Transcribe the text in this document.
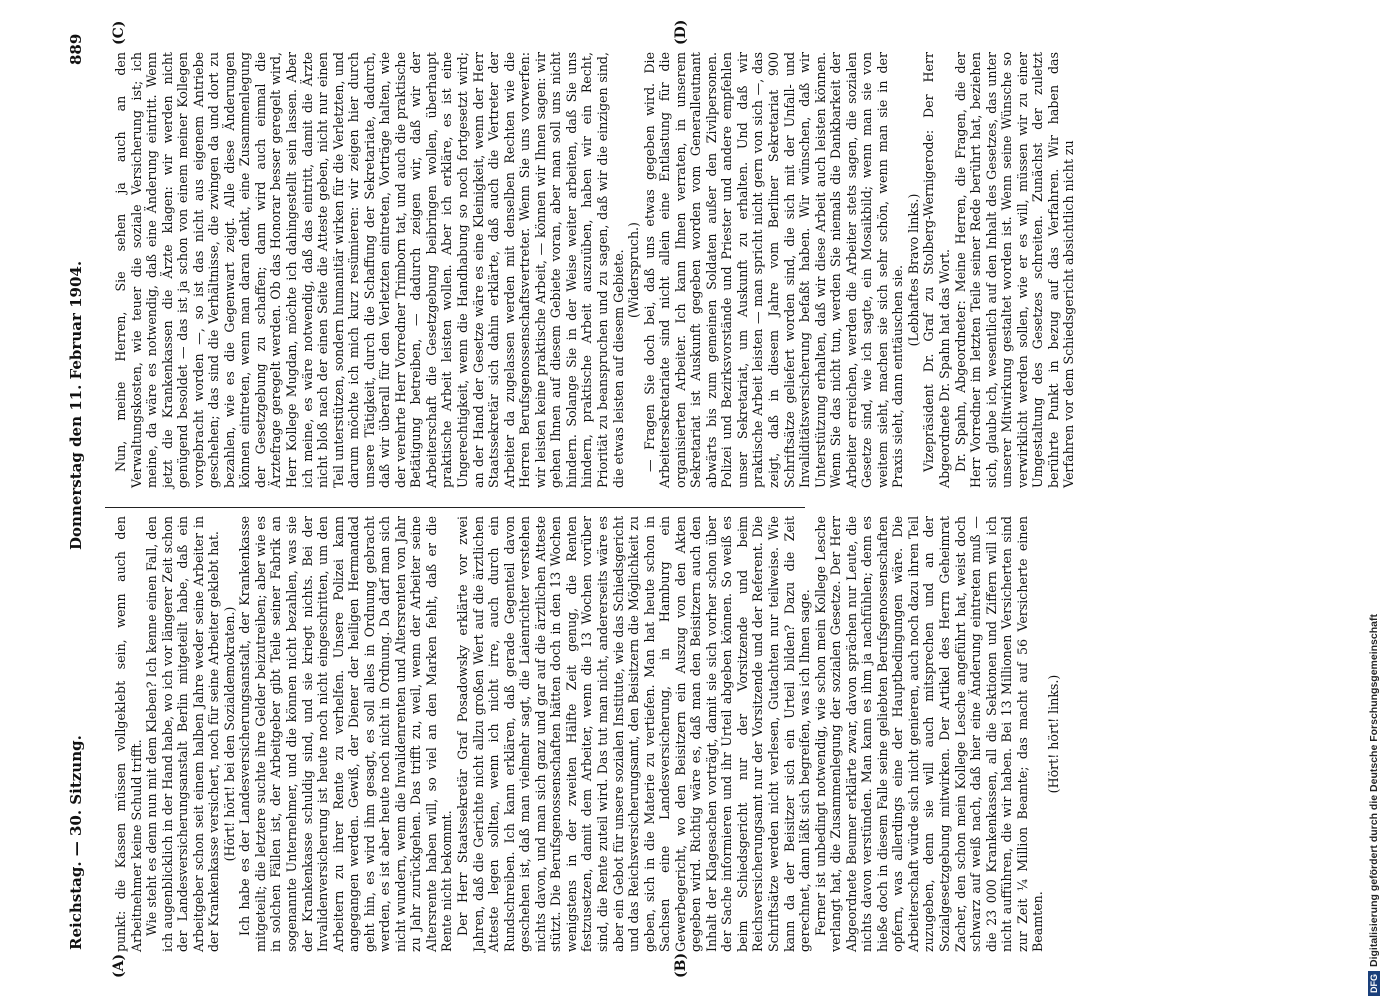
Reichstag. — 30. Sitzung.
Donnerstag den 11. Februar 1904.
889
(A)	(B)
(C)	(D)

punkt: die Kassen müssen vollgeklebt sein, wenn auch den Arbeitnehmer keine Schuld trifft. Wie steht es denn nun mit dem Kleben? Ich kenne einen Fall, den ich augenblicklich in der Hand habe, wo ich vor längerer Zeit schon der Landesversicherungsanstalt Berlin mitgeteilt habe, daß ein Arbeitgeber schon seit einem halben Jahre weder seine Arbeiter in der Krankenkasse versichert, noch für seine Arbeiter geklebt hat. (Hört! hört! bei den Sozialdemokraten.) Ich habe es der Landesversicherungsanstalt, der Krankenkasse mitgeteilt; die letztere suchte ihre Gelder beizutreiben; aber wie es in solchen Fällen ist, der Arbeitgeber gibt Teile seiner Fabrik an sogenannte Unternehmer, und die können nicht bezahlen, was sie der Krankenkasse schuldig sind, und sie kriegt nichts. Bei der Invalidenversicherung ist heute noch nicht eingeschritten, um den Arbeitern zu ihrer Rente zu verhelfen. Unsere Polizei kann angegangen werden. Gewiß, der Diener der heiligen Hermandad geht hin, es wird ihm gesagt, es soll alles in Ordnung gebracht werden, es ist aber heute noch nicht in Ordnung. Da darf man sich nicht wundern, wenn die Invalidenrenten und Altersrenten von Jahr zu Jahr zurückgehen. Das trifft zu, weil, wenn der Arbeiter seine Altersrente haben will, so viel an den Marken fehlt, daß er die Rente nicht bekommt. Der Herr Staatssekretär Graf Posadowsky erklärte vor zwei Jahren, daß die Gerichte nicht allzu großen Wert auf die ärztlichen Atteste legen sollten, wenn ich nicht irre, auch durch ein Rundschreiben. Ich kann erklären, daß gerade Gegenteil davon geschehen ist, daß man vielmehr sagt, die Laienrichter verstehen nichts davon, und man sich ganz und gar auf die ärztlichen Atteste stützt. Die Berufsgenossenschaften hätten doch in den 13 Wochen wenigstens in der zweiten Hälfte Zeit genug, die Renten festzusetzen, damit dem Arbeiter, wenn die 13 Wochen vorüber sind, die Rente zuteil wird. Das tut man nicht, andererseits wäre es aber ein Gebot für unsere sozialen Institute, wie das Schiedsgericht und das Reichsversicherungsamt, den Beisitzern die Möglichkeit zu geben, sich in die Materie zu vertiefen. Man hat heute schon in Sachsen eine Landesversicherung, in Hamburg ein Gewerbegericht, wo den Beisitzern ein Auszug von den Akten gegeben wird. Richtig wäre es, daß man den Beisitzern auch den Inhalt der Klagesachen vorträgt, damit sie sich vorher schon über der Sache informieren und ihr Urteil abgeben können. So weiß es beim Schiedsgericht nur der Vorsitzende und beim Reichsversicherungsamt nur der Vorsitzende und der Referent. Die Schriftsätze werden nicht verlesen, Gutachten nur teilweise. Wie kann da der Beisitzer sich ein Urteil bilden? Dazu die Zeit gerechnet, dann läßt sich begreifen, was ich Ihnen sage. Ferner ist unbedingt notwendig, wie schon mein Kollege Lesche verlangt hat, die Zusammenlegung der sozialen Gesetze. Der Herr Abgeordnete Beumer erklärte zwar, davon sprächen nur Leute, die nichts davon verstünden. Man kann es ihm ja nachfühlen; denn es hieße doch in diesem Falle seine geliebten Berufsgenossenschaften opfern, was allerdings eine der Hauptbedingungen wäre. Die Arbeiterschaft würde sich nicht genieren, auch noch dazu ihren Teil zuzugeben, denn sie will auch mitsprechen und an der Sozialgesetzgebung mitwirken. Der Artikel des Herrn Geheimrat Zacher, den schon mein Kollege Lesche angeführt hat, weist doch schwarz auf weiß nach, daß hier eine Änderung eintreten muß — die 23 000 Krankenkassen, all die Sektionen und Ziffern will ich nicht aufführen, die wir haben. Bei 13 Millionen Versicherten sind zur Zeit ¼ Million Beamte; das macht auf 56 Versicherte einen Beamten.

(Hört! hört! links.)

Nun, meine Herren, Sie sehen ja auch an den Verwaltungskosten, wie teuer die soziale Versicherung ist; ich meine, da wäre es notwendig, daß eine Änderung eintritt. Wenn jetzt die Krankenkassen die Ärzte klagen: wir werden nicht genügend besoldet — das ist ja schon von einem meiner Kollegen vorgebracht worden —, so ist das nicht aus eigenem Antriebe geschehen; das sind die Verhältnisse, die zwingen da und dort zu bezahlen, wie es die Gegenwart zeigt. Alle diese Änderungen können eintreten, wenn man daran denkt, eine Zusammenlegung der Gesetzgebung zu schaffen; dann wird auch einmal die Ärztefrage geregelt werden. Ob das Honorar besser geregelt wird, Herr Kollege Mugdan, möchte ich dahingestellt sein lassen. Aber ich meine, es wäre notwendig, daß das eintritt, damit die Ärzte nicht bloß nach der einen Seite die Atteste geben, nicht nur einen Teil unterstützen, sondern humanitär wirken für die Verletzten, und darum möchte ich mich kurz resümieren: wir zeigen hier durch unsere Tätigkeit, durch die Schaffung der Sekretariate, dadurch, daß wir überall für den Verletzten eintreten, Vorträge halten, wie der verehrte Herr Vorredner Trimborn tat, und auch die praktische Betätigung betreiben, — dadurch zeigen wir, daß wir der Arbeiterschaft die Gesetzgebung beibringen wollen, überhaupt praktische Arbeit leisten wollen. Aber ich erkläre, es ist eine Ungerechtigkeit, wenn die Handhabung so noch fortgesetzt wird; an der Hand der Gesetze wäre es eine Kleinigkeit, wenn der Herr Staatssekretär sich dahin erklärte, daß auch die Vertreter der Arbeiter da zugelassen werden mit denselben Rechten wie die Herren Berufsgenossenschaftsvertreter. Wenn Sie uns vorwerfen: wir leisten keine praktische Arbeit, — können wir Ihnen sagen: wir gehen Ihnen auf diesem Gebiete voran, aber man soll uns nicht hindern. Solange Sie in der Weise weiter arbeiten, daß Sie uns hindern, praktische Arbeit auszuüben, haben wir ein Recht, Priorität zu beanspruchen und zu sagen, daß wir die einzigen sind, die etwas leisten auf diesem Gebiete. (Widerspruch.) — Fragen Sie doch bei, daß uns etwas gegeben wird. Die Arbeitersekretariate sind nicht allein eine Entlastung für die organisierten Arbeiter. Ich kann Ihnen verraten, in unserem Sekretariat ist Auskunft gegeben worden vom Generalleutnant abwärts bis zum gemeinen Soldaten außer den Zivilpersonen. Polizei und Bezirksvorstände und Priester und andere empfehlen unser Sekretariat, um Auskunft zu erhalten. Und daß wir praktische Arbeit leisten — man spricht nicht gern von sich —, das zeigt, daß in diesem Jahre vom Berliner Sekretariat 900 Schriftsätze geliefert worden sind, die sich mit der Unfall- und Invaliditätsversicherung befaßt haben. Wir wünschen, daß wir Unterstützung erhalten, daß wir diese Arbeit auch leisten können. Wenn Sie das nicht tun, werden Sie niemals die Dankbarkeit der Arbeiter erreichen, werden die Arbeiter stets sagen, die sozialen Gesetze sind, wie ich sagte, ein Mosaikbild; wenn man sie von weitem sieht, machen sie sich sehr schön, wenn man sie in der Praxis sieht, dann enttäuschen sie. (Lebhaftes Bravo links.) Vizepräsident Dr. Graf zu Stolberg-Wernigerode: Der Herr Abgeordnete Dr. Spahn hat das Wort. Dr. Spahn, Abgeordneter: Meine Herren, die Fragen, die der Herr Vorredner im letzten Teile seiner Rede berührt hat, beziehen sich, glaube ich, wesentlich auf den Inhalt des Gesetzes, das unter unserer Mitwirkung gestaltet worden ist. Wenn seine Wünsche so verwirklicht werden sollen, wie er es will, müssen wir zu einer Umgestaltung des Gesetzes schreiten. Zunächst der zuletzt berührte Punkt in bezug auf das Verfahren. Wir haben das Verfahren vor dem Schiedsgericht absichtlich nicht zu

DFGDigitalisierung gefördert durch die Deutsche Forschungsgemeinschaft
